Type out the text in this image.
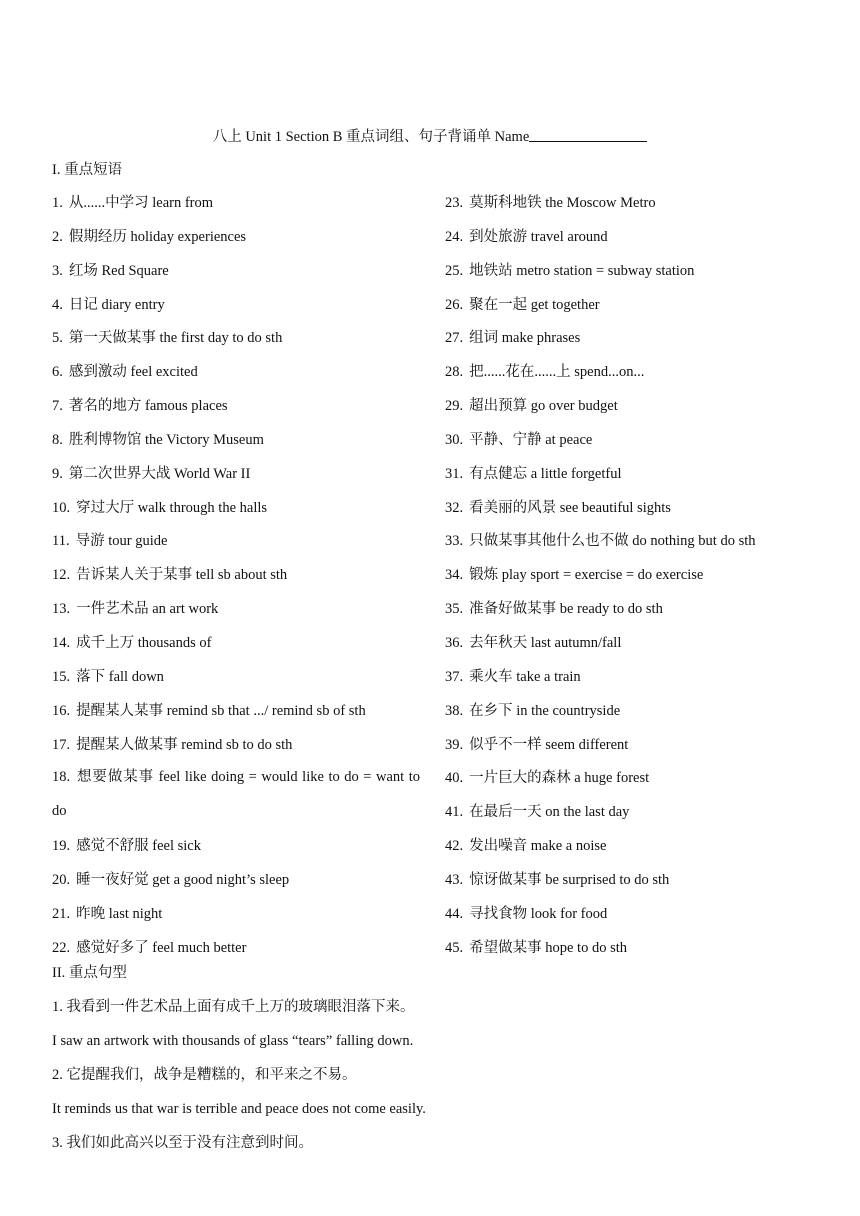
八上 Unit 1 Section B 重点词组、句子背诵单 Name
I. 重点短语
1. 从......中学习 learn from
2. 假期经历 holiday experiences
3. 红场 Red Square
4. 日记 diary entry
5. 第一天做某事 the first day to do sth
6. 感到激动 feel excited
7. 著名的地方 famous places
8. 胜利博物馆 the Victory Museum
9. 第二次世界大战 World War II
10. 穿过大厅 walk through the halls
11. 导游 tour guide
12. 告诉某人关于某事 tell sb about sth
13. 一件艺术品 an art work
14. 成千上万 thousands of
15. 落下 fall down
16. 提醒某人某事 remind sb that .../ remind sb of sth
17. 提醒某人做某事 remind sb to do sth
18. 想要做某事 feel like doing = would like to do = want to do
19. 感觉不舒服 feel sick
20. 睡一夜好觉 get a good night’s sleep
21. 昨晚 last night
22. 感觉好多了 feel much better
23. 莫斯科地铁 the Moscow Metro
24. 到处旅游 travel around
25. 地铁站 metro station = subway station
26. 聚在一起 get together
27. 组词 make phrases
28. 把......花在......上 spend...on...
29. 超出预算 go over budget
30. 平静、宁静 at peace
31. 有点健忘 a little forgetful
32. 看美丽的风景 see beautiful sights
33. 只做某事其他什么也不做 do nothing but do sth
34. 锻炼 play sport = exercise = do exercise
35. 准备好做某事 be ready to do sth
36. 去年秋天 last autumn/fall
37. 乘火车 take a train
38. 在乡下 in the countryside
39. 似乎不一样 seem different
40. 一片巨大的森林 a huge forest
41. 在最后一天 on the last day
42. 发出噪音 make a noise
43. 惊讶做某事 be surprised to do sth
44. 寻找食物 look for food
45. 希望做某事 hope to do sth
II. 重点句型
1. 我看到一件艺术品上面有成千上万的玻璃眼泪落下来。
I saw an artwork with thousands of glass “tears” falling down.
2. 它提醒我们，战争是糟糕的，和平来之不易。
It reminds us that war is terrible and peace does not come easily.
3. 我们如此高兴以至于没有注意到时间。
